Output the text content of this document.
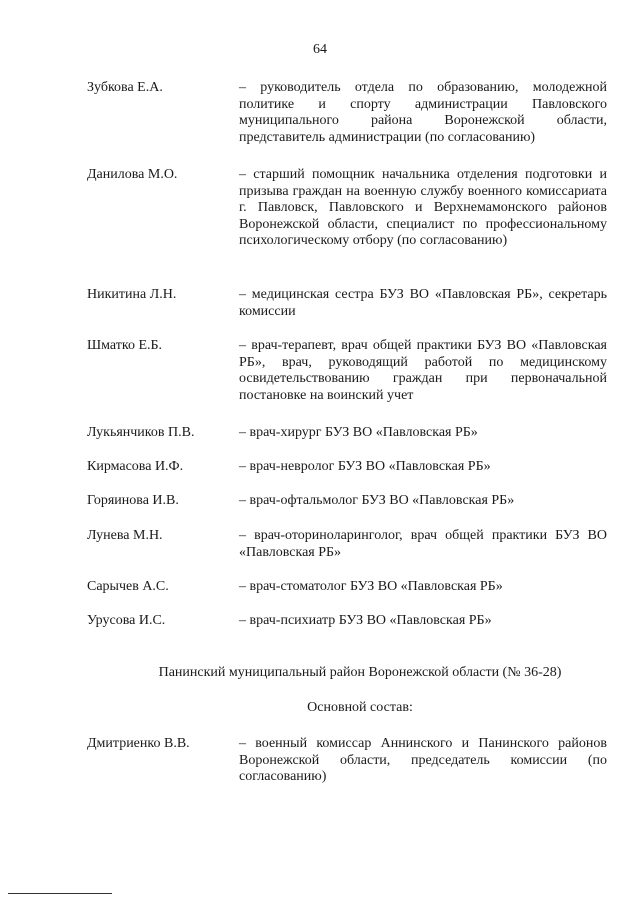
64
Зубкова Е.А.	– руководитель отдела по образованию, молодежной политике и спорту администрации Павловского муниципального района Воронежской области, представитель администрации (по согласованию)
Данилова М.О.	– старший помощник начальника отделения подготовки и призыва граждан на военную службу военного комиссариата г. Павловск, Павловского и Верхнемамонского районов Воронежской области, специалист по профессиональному психологическому отбору (по согласованию)
Никитина Л.Н.	– медицинская сестра БУЗ ВО «Павловская РБ», секретарь комиссии
Шматко Е.Б.	– врач-терапевт, врач общей практики БУЗ ВО «Павловская РБ», врач, руководящий работой по медицинскому освидетельствованию граждан при первоначальной постановке на воинский учет
Лукьянчиков П.В.	– врач-хирург БУЗ ВО «Павловская РБ»
Кирмасова И.Ф.	– врач-невролог БУЗ ВО «Павловская РБ»
Горяинова И.В.	– врач-офтальмолог БУЗ ВО «Павловская РБ»
Лунева М.Н.	– врач-оториноларинголог, врач общей практики БУЗ ВО «Павловская РБ»
Сарычев А.С.	– врач-стоматолог БУЗ ВО «Павловская РБ»
Урусова И.С.	– врач-психиатр БУЗ ВО «Павловская РБ»
Панинский муниципальный район Воронежской области (№ 36-28)
Основной состав:
Дмитриенко В.В.	– военный комиссар Аннинского и Панинского районов Воронежской области, председатель комиссии (по согласованию)
